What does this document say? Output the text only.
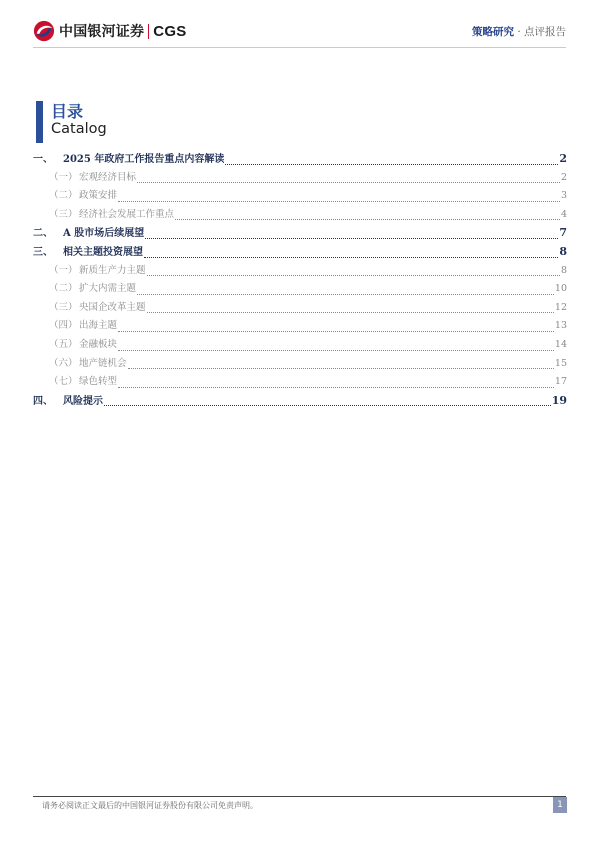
中国银河证券 CGS	策略研究 · 点评报告
目录
Catalog
一、	2025 年政府工作报告重点内容解读	2
（一） 宏观经济目标	2
（二） 政策安排	3
（三） 经济社会发展工作重点	4
二、	A 股市场后续展望	7
三、	相关主题投资展望	8
（一） 新质生产力主题	8
（二） 扩大内需主题	10
（三） 央国企改革主题	12
（四） 出海主题	13
（五） 金融板块	14
（六） 地产链机会	15
（七） 绿色转型	17
四、	风险提示	19
请务必阅读正文最后的中国银河证券股份有限公司免责声明。	1
